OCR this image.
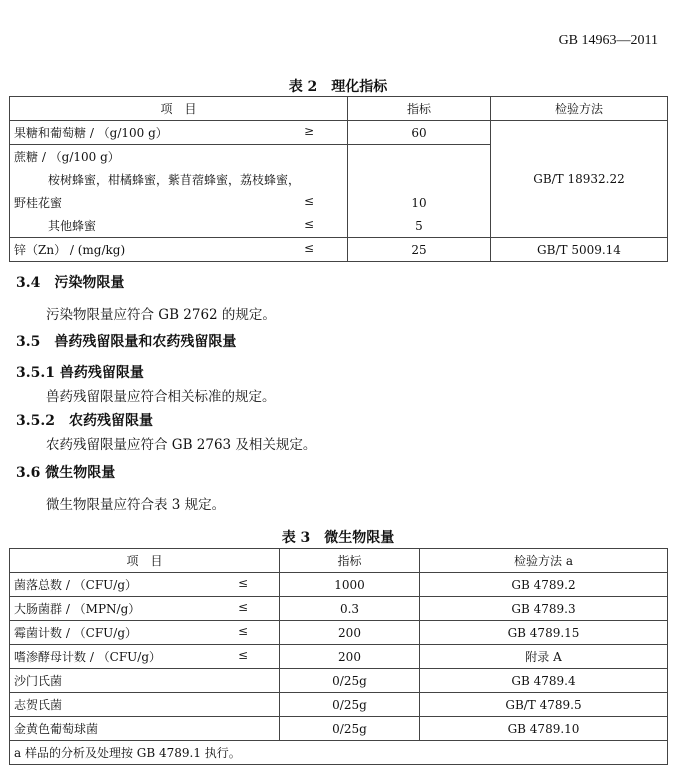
GB 14963—2011
表 2　理化指标
项　目	指标	检验方法
果糖和葡萄糖 / （g/100 g） ≥	60	GB/T 18932.22
蔗糖 / （g/100 g）		
桉树蜂蜜，柑橘蜂蜜，紫苜蓿蜂蜜，荔枝蜂蜜，		
野桂花蜜 ≤	10	
其他蜂蜜 ≤	5	
锌（Zn） / (mg/kg) ≤	25	GB/T 5009.14
3.4　污染物限量
污染物限量应符合 GB 2762 的规定。
3.5　兽药残留限量和农药残留限量
3.5.1 兽药残留限量
兽药残留限量应符合相关标准的规定。
3.5.2　农药残留限量
农药残留限量应符合 GB 2763 及相关规定。
3.6 微生物限量
微生物限量应符合表 3 规定。
表 3　微生物限量
项　目	指标	检验方法 a
菌落总数 / （CFU/g） ≤	1000	GB 4789.2
大肠菌群 / （MPN/g） ≤	0.3	GB 4789.3
霉菌计数 / （CFU/g） ≤	200	GB 4789.15
嗜渗酵母计数 / （CFU/g） ≤	200	附录 A
沙门氏菌	0/25g	GB 4789.4
志贺氏菌	0/25g	GB/T 4789.5
金黄色葡萄球菌	0/25g	GB 4789.10
a 样品的分析及处理按 GB 4789.1 执行。		
